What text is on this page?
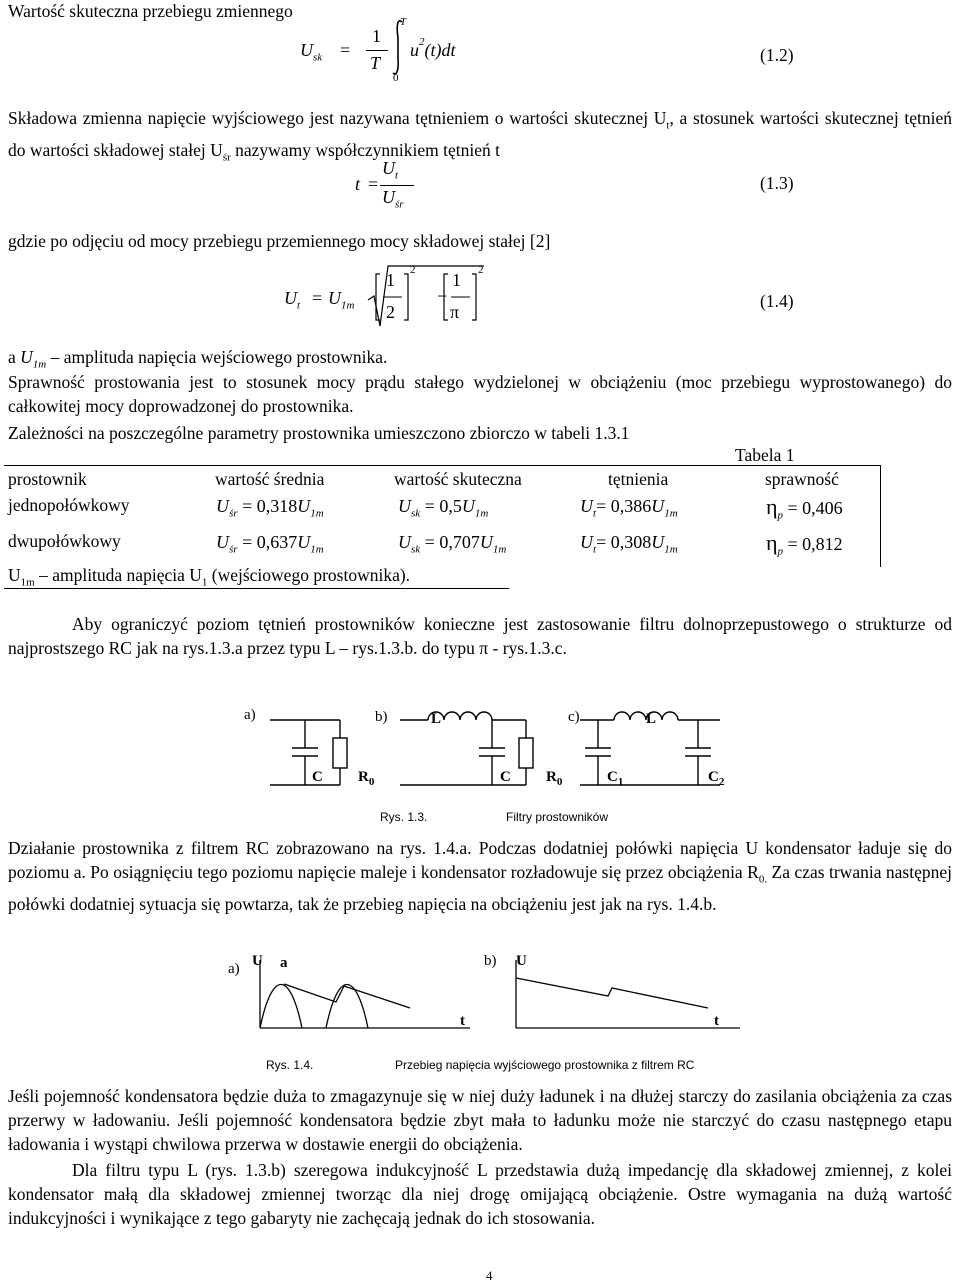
Wartość skuteczna przebiegu zmiennego
$U_{sk}$ =
1
T
T
0
$u^2(t)dt$	(1.2)
Składowa zmienna napięcie wyjściowego jest nazywana tętnieniem o wartości skutecznej $U_t$, a stosunek wartości skutecznej tętnień do wartości składowej stałej $U_{śr}$ nazywamy współczynnikiem tętnień t
t =
$U_t$
$U_{śr}$
(1.3)
gdzie po odjęciu od mocy przebiegu przemiennego mocy składowej stałej [2]
$U_t = U_{1m}$
1
2
2
−
1
π
2
(1.4)
a $U_{1m}$ – amplituda napięcia wejściowego prostownika.
Sprawność prostowania jest to stosunek mocy prądu stałego wydzielonej w obciążeniu (moc przebiegu wyprostowanego) do całkowitej mocy doprowadzonej do prostownika.
Zależności na poszczególne parametry prostownika umieszczono zbiorczo w tabeli 1.3.1
Tabela 1
prostownik	wartość średnia	wartość skuteczna	tętnienia	sprawność
jednopołówkowy	$U_{śr} = 0,318U_{1m}$	$U_{sk} = 0,5U_{1m}$	$U_t= 0,386U_{1m}$	$\eta_p = 0,406$
dwupołówkowy	$U_{śr} = 0,637U_{1m}$	$U_{sk} = 0,707U_{1m}$	$U_t= 0,308U_{1m}$	$\eta_p = 0,812$
$U_{1m}$ – amplituda napięcia $U_1$ (wejściowego prostownika).
Aby ograniczyć poziom tętnień prostowników konieczne jest zastosowanie filtru dolnoprzepustowego o strukturze od najprostszego RC jak na rys.1.3.a przez typu L – rys.1.3.b. do typu π - rys.1.3.c.
a)	b)	c)
L	L
C $R_0$	C $R_0$	$C_1$	$C_2$
Rys. 1.3.	Filtry prostowników
Działanie prostownika z filtrem RC zobrazowano na rys. 1.4.a. Podczas dodatniej połówki napięcia U kondensator ładuje się do poziomu a. Po osiągnięciu tego poziomu napięcie maleje i kondensator rozładowuje się przez obciążenia $R_{0.}$ Za czas trwania następnej połówki dodatniej sytuacja się powtarza, tak że przebieg napięcia na obciążeniu jest jak na rys. 1.4.b.
a) U a
t
b) U
t
Rys. 1.4.	Przebieg napięcia wyjściowego prostownika z filtrem RC
Jeśli pojemność kondensatora będzie duża to zmagazynuje się w niej duży ładunek i na dłużej starczy do zasilania obciążenia za czas przerwy w ładowaniu. Jeśli pojemność kondensatora będzie zbyt mała to ładunku może nie starczyć do czasu następnego etapu ładowania i wystąpi chwilowa przerwa w dostawie energii do obciążenia.
Dla filtru typu L (rys. 1.3.b) szeregowa indukcyjność L przedstawia dużą impedancję dla składowej zmiennej, z kolei kondensator małą dla składowej zmiennej tworząc dla niej drogę omijającą obciążenie. Ostre wymagania na dużą wartość indukcyjności i wynikające z tego gabaryty nie zachęcają jednak do ich stosowania.
4
